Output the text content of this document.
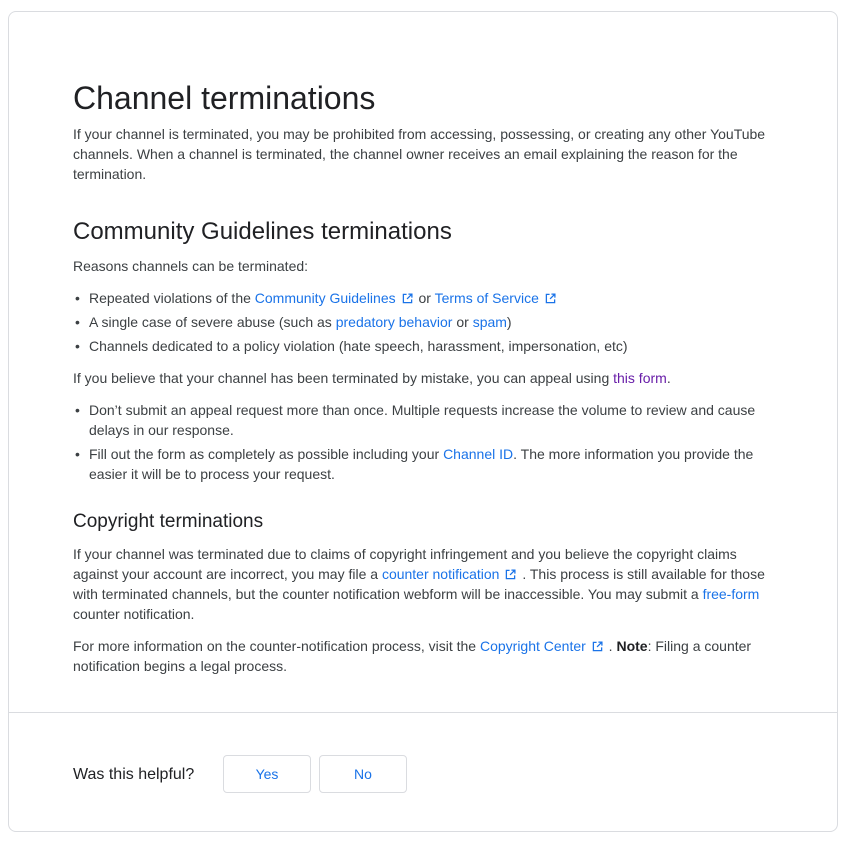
Channel terminations

If your channel is terminated, you may be prohibited from accessing, possessing, or creating any other YouTube channels. When a channel is terminated, the channel owner receives an email explaining the reason for the termination.

Community Guidelines terminations

Reasons channels can be terminated:

• Repeated violations of the Community Guidelines
or Terms of Service
• A single case of severe abuse (such as predatory behavior or spam)
• Channels dedicated to a policy violation (hate speech, harassment, impersonation, etc)

If you believe that your channel has been terminated by mistake, you can appeal using this form.

• Don’t submit an appeal request more than once. Multiple requests increase the volume to review and cause delays in our response.
• Fill out the form as completely as possible including your Channel ID. The more information you provide the easier it will be to process your request.
Copyright terminations

If your channel was terminated due to claims of copyright infringement and you believe the copyright claims against your account are incorrect, you may file a counter notification
. This process is still available for those with terminated channels, but the counter notification webform will be inaccessible. You may submit a free-form counter notification.

For more information on the counter-notification process, visit the Copyright Center
. Note: Filing a counter notification begins a legal process.

Was this helpful?	Yes	No
